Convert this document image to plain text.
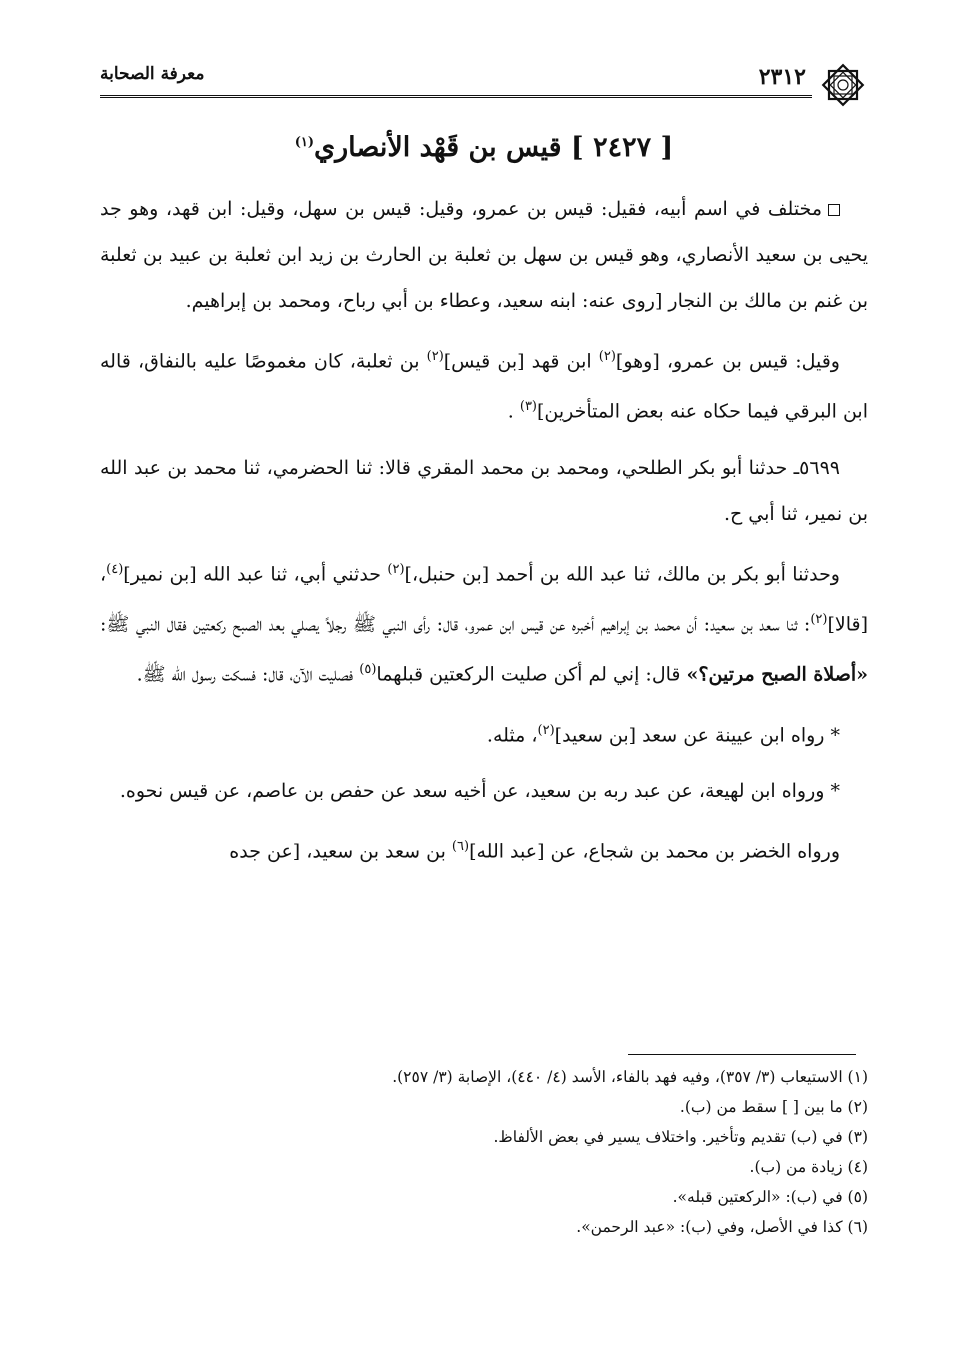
٢٣١٢
معرفة الصحابة
[ ٢٤٢٧ ] قيس بن قَهْد الأنصاري$^{(١)}$

مختلف في اسم أبيه، فقيل: قيس بن عمرو، وقيل: قيس بن سهل، وقيل: ابن قهد، وهو جد يحيى بن سعيد الأنصاري، وهو قيس بن سهل بن ثعلبة بن الحارث بن زيد ابن ثعلبة بن عبيد بن ثعلبة بن غنم بن مالك بن النجار [روى عنه: ابنه سعيد، وعطاء بن أبي رباح، ومحمد بن إبراهيم.

وقيل: قيس بن عمرو، [وهو]$^{(٢)}$ ابن قهد [بن قيس]$^{(٢)}$ بن ثعلبة، كان مغموصًا عليه بالنفاق، قاله ابن البرقي فيما حكاه عنه بعض المتأخرين]$^{(٣)}$ .

٥٦٩٩ـ حدثنا أبو بكر الطلحي، ومحمد بن محمد المقري قالا: ثنا الحضرمي، ثنا محمد بن عبد الله بن نمير، ثنا أبي ح.

وحدثنا أبو بكر بن مالك، ثنا عبد الله بن أحمد [بن حنبل،]$^{(٢)}$ حدثني أبي، ثنا عبد الله [بن نمير]$^{(٤)}$، [قالا]$^{(٢)}$: ثنا سعد بن سعيد: أن محمد بن إبراهيم أخبره عن قيس ابن عمرو، قال: رأى النبي ﷺ رجلاً يصلي بعد الصبح ركعتين فقال النبي ﷺ: «أصلاة الصبح مرتين؟» قال: إني لم أكن صليت الركعتين قبلهما$^{(٥)}$ فصليت الآن، قال: فسكت رسول الله ﷺ.

* رواه ابن عيينة عن سعد [بن سعيد]$^{(٢)}$، مثله.

* ورواه ابن لهيعة، عن عبد ربه بن سعيد، عن أخيه سعد عن حفص بن عاصم، عن قيس نحوه.

ورواه الخضر بن محمد بن شجاع، عن [عبد الله]$^{(٦)}$ بن سعد بن سعيد، [عن جده

(١) الاستيعاب (٣/ ٣٥٧)، وفيه فهد بالفاء، الأسد (٤/ ٤٤٠)، الإصابة (٣/ ٢٥٧).

(٢) ما بين [ ] سقط من (ب).

(٣) في (ب) تقديم وتأخير. واختلاف يسير في بعض الألفاظ.

(٤) زيادة من (ب).

(٥) في (ب): «الركعتين قبله».

(٦) كذا في الأصل، وفي (ب): «عبد الرحمن».
